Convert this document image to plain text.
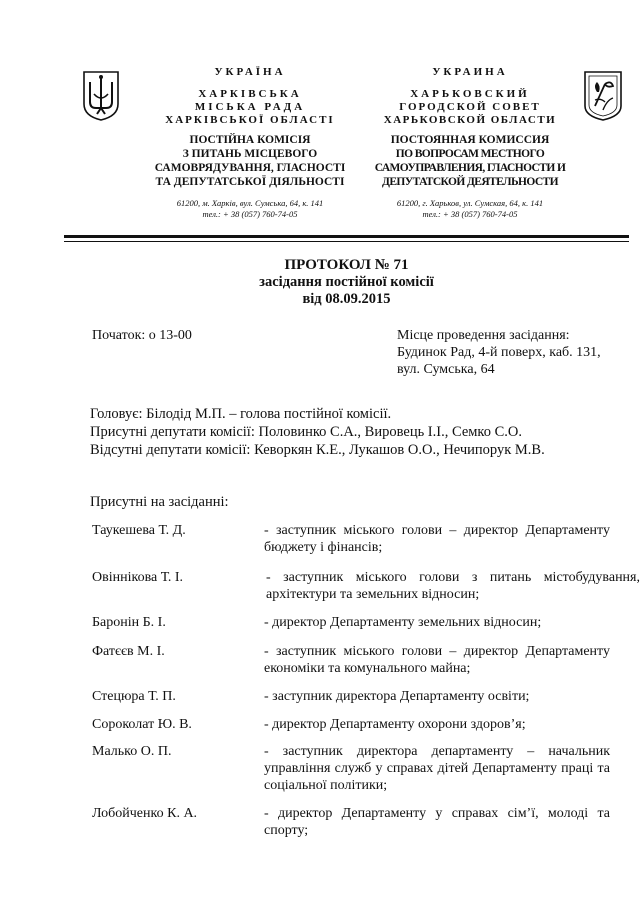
УКРАЇНА
ХАРКІВСЬКА
МІСЬКА РАДА
ХАРКІВСЬКОЇ ОБЛАСТІ
ПОСТІЙНА КОМІСІЯ
З ПИТАНЬ МІСЦЕВОГО
САМОВРЯДУВАННЯ, ГЛАСНОСТІ
ТА ДЕПУТАТСЬКОЇ ДІЯЛЬНОСТІ
61200, м. Харків, вул. Сумська, 64, к. 141
тел.: + 38 (057) 760-74-05
УКРАИНА
ХАРЬКОВСКИЙ
ГОРОДСКОЙ СОВЕТ
ХАРЬКОВСКОЙ ОБЛАСТИ
ПОСТОЯННАЯ КОМИССИЯ
ПО ВОПРОСАМ МЕСТНОГО
САМОУПРАВЛЕНИЯ, ГЛАСНОСТИ И
ДЕПУТАТСКОЙ ДЕЯТЕЛЬНОСТИ
61200, г. Харьков, ул. Сумская, 64, к. 141
тел.: + 38 (057) 760-74-05
ПРОТОКОЛ № 71
засідання постійної комісії
від 08.09.2015
Початок: о 13-00	Місце проведення засідання:
Будинок Рад, 4-й поверх, каб. 131,
вул. Сумська, 64
Головує: Білодід М.П. – голова постійної комісії.
Присутні депутати комісії: Половинко С.А., Вировець І.І., Семко С.О.
Відсутні депутати комісії: Кеворкян К.Е., Лукашов О.О., Нечипорук М.В.
Присутні на засіданні:
Таукешева Т. Д.	- заступник міського голови – директор Департаменту бюджету і фінансів;
Овіннікова Т. І.	- заступник міського голови з питань містобудування, архітектури та земельних відносин;
Баронін Б. І.	- директор Департаменту земельних відносин;
Фатєєв М. І.	- заступник міського голови – директор Департаменту економіки та комунального майна;
Стецюра Т. П.	- заступник директора Департаменту освіти;
Сороколат Ю. В.	- директор Департаменту охорони здоров’я;
Малько О. П.	- заступник директора департаменту – начальник управління служб у справах дітей Департаменту праці та соціальної політики;
Лобойченко К. А.	- директор Департаменту у справах сім’ї, молоді та спорту;
